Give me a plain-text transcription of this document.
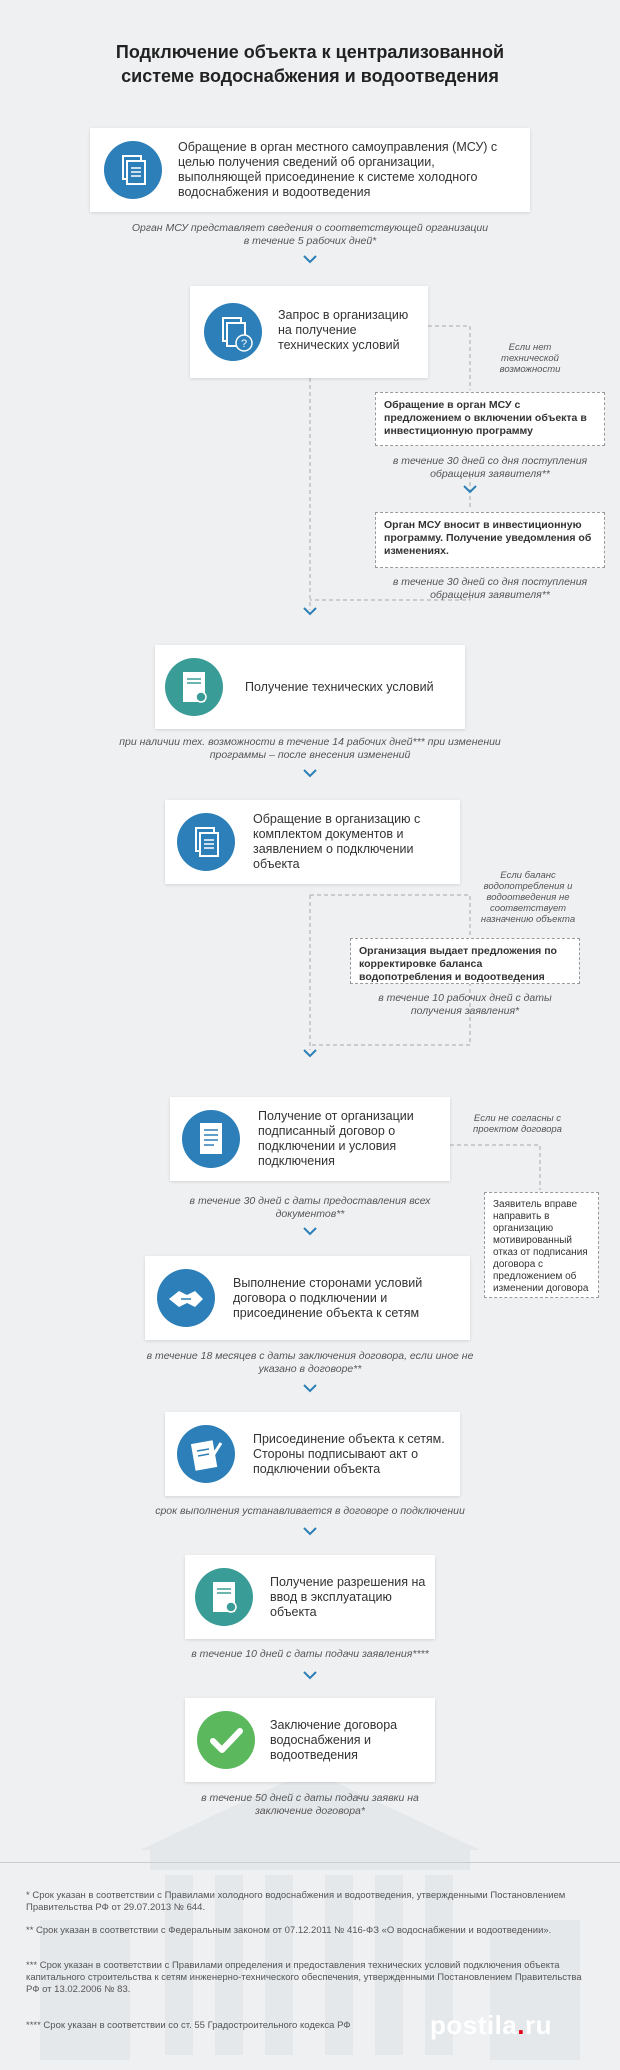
Подключение объекта к централизованной
системе водоснабжения и водоотведения
Обращение в орган местного самоуправления (МСУ) с целью получения сведений об организации, выполняющей присоединение к системе холодного водоснабжения и водоотведения
Орган МСУ представляет сведения о соответствующей организации в течение 5 рабочих дней*
?
Запрос в организацию на получение технических условий	Если нет технической возможности
Обращение в орган МСУ с предложением о включении объекта в инвестиционную программу
в течение 30 дней со дня поступления обращения заявителя**
Орган МСУ вносит в инвестиционную программу. Получение уведомления об изменениях.
в течение 30 дней со дня поступления обращения заявителя**
Получение технических условий
при наличии тех. возможности в течение 14 рабочих дней*** при изменении программы – после внесения изменений
Обращение в организацию с комплектом документов и заявлением о подключении объекта
Если баланс водопотребления и водоотведения не соответствует назначению объекта
Организация выдает предложения по корректировке баланса водопотребления и водоотведения
в течение 10 рабочих дней с даты получения заявления*
Получение от организации подписанный договор о подключении и условия подключения
в течение 30 дней с даты предоставления всех документов**
Если не согласны с проектом договора
Заявитель вправе направить в организацию мотивированный отказ от подписания договора с предложением об изменении договора
Выполнение сторонами условий договора о подключении и присоединение объекта к сетям
в течение 18 месяцев с даты заключения договора, если иное не указано в договоре**
Присоединение объекта к сетям. Стороны подписывают акт о подключении объекта
срок выполнения устанавливается в договоре о подключении
Получение разрешения на ввод в эксплуатацию объекта
в течение 10 дней с даты подачи заявления****
Заключение договора водоснабжения и водоотведения
в течение 50 дней с даты подачи заявки на заключение договора*
* Срок указан в соответствии с Правилами холодного водоснабжения и водоотведения, утвержденными Постановлением Правительства РФ от 29.07.2013 № 644.
** Срок указан в соответствии с Федеральным законом от 07.12.2011 № 416-ФЗ «О водоснабжении и водоотведении».
*** Срок указан в соответствии с Правилами определения и предоставления технических условий подключения объекта капитального строительства к сетям инженерно-технического обеспечения, утвержденными Постановлением Правительства РФ от 13.02.2006 № 83.
**** Срок указан в соответствии со ст. 55 Градостроительного кодекса РФ	postila.ru
